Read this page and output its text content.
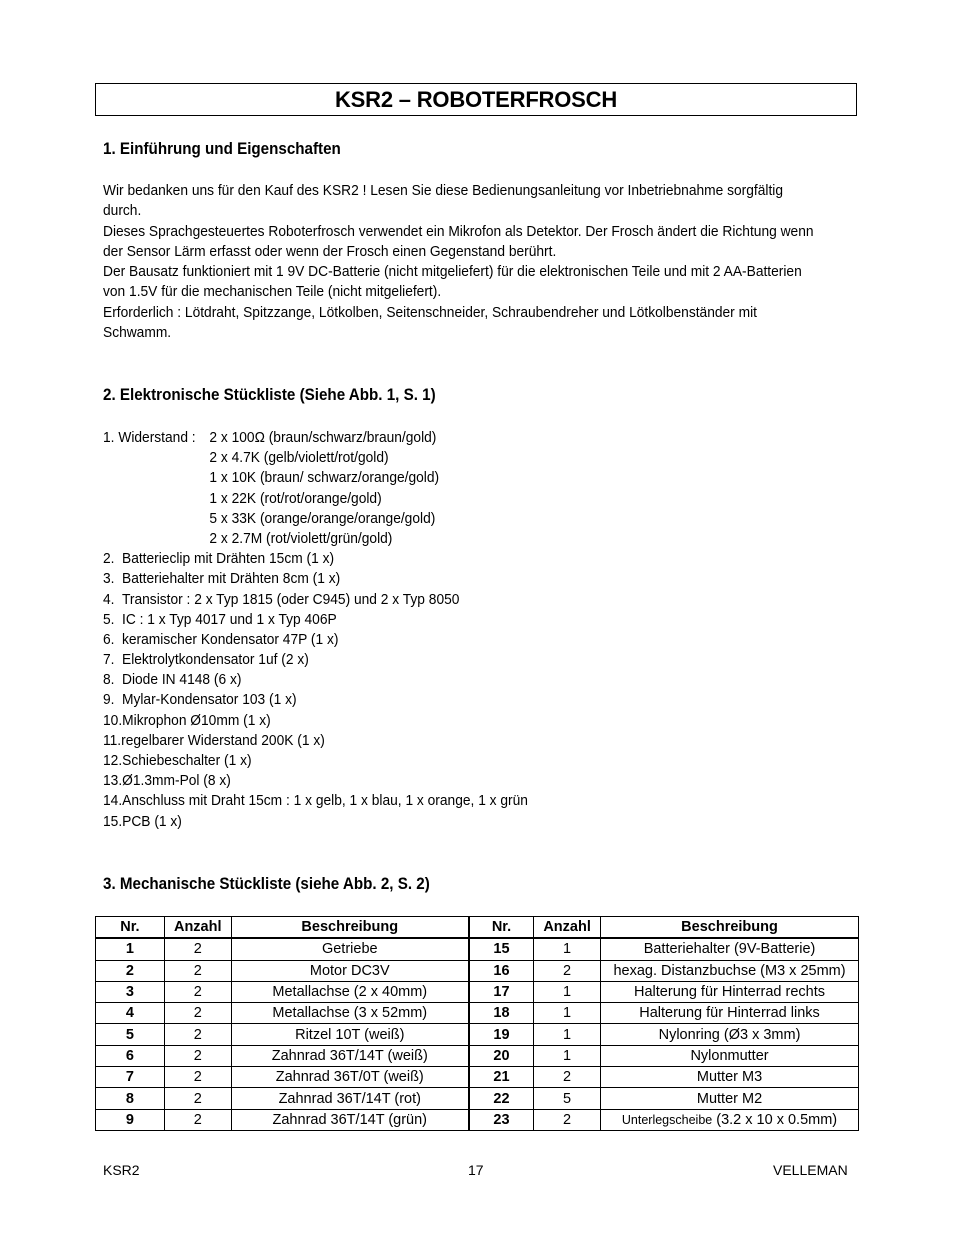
KSR2 – ROBOTERFROSCH
1. Einführung und Eigenschaften
Wir bedanken uns für den Kauf des KSR2 ! Lesen Sie diese Bedienungsanleitung vor Inbetriebnahme sorgfältig
durch.
Dieses Sprachgesteuertes Roboterfrosch verwendet ein Mikrofon als Detektor. Der Frosch ändert die Richtung wenn
der Sensor Lärm erfasst oder wenn der Frosch einen Gegenstand berührt.
Der Bausatz funktioniert mit 1 9V DC-Batterie (nicht mitgeliefert) für die elektronischen Teile und mit 2 AA-Batterien
von 1.5V für die mechanischen Teile (nicht mitgeliefert).
Erforderlich : Lötdraht, Spitzzange, Lötkolben, Seitenschneider, Schraubendreher und Lötkolbenständer mit
Schwamm.
2. Elektronische Stückliste (Siehe Abb. 1, S. 1)
1. Widerstand : 2 x 100Ω (braun/schwarz/braun/gold)
2 x 4.7K (gelb/violett/rot/gold)
1 x 10K (braun/ schwarz/orange/gold)
1 x 22K (rot/rot/orange/gold)
5 x 33K (orange/orange/orange/gold)
2 x 2.7M (rot/violett/grün/gold)
2. Batterieclip mit Drähten 15cm (1 x)
3. Batteriehalter mit Drähten 8cm (1 x)
4. Transistor : 2 x Typ 1815 (oder C945) und 2 x Typ 8050
5. IC : 1 x Typ 4017 und 1 x Typ 406P
6. keramischer Kondensator 47P (1 x)
7. Elektrolytkondensator 1uf (2 x)
8. Diode IN 4148 (6 x)
9. Mylar-Kondensator 103 (1 x)
10.Mikrophon Ø10mm (1 x)
11.regelbarer Widerstand 200K (1 x)
12.Schiebeschalter (1 x)
13.Ø1.3mm-Pol (8 x)
14.Anschluss mit Draht 15cm : 1 x gelb, 1 x blau, 1 x orange, 1 x grün
15.PCB (1 x)
3. Mechanische Stückliste (siehe Abb. 2, S. 2)
Nr.	Anzahl	Beschreibung	Nr.	Anzahl	Beschreibung
1	2	Getriebe	15	1	Batteriehalter (9V-Batterie)
2	2	Motor DC3V	16	2	hexag. Distanzbuchse (M3 x 25mm)
3	2	Metallachse (2 x 40mm)	17	1	Halterung für Hinterrad rechts
4	2	Metallachse (3 x 52mm)	18	1	Halterung für Hinterrad links
5	2	Ritzel 10T (weiß)	19	1	Nylonring (Ø3 x 3mm)
6	2	Zahnrad 36T/14T (weiß)	20	1	Nylonmutter
7	2	Zahnrad 36T/0T (weiß)	21	2	Mutter M3
8	2	Zahnrad 36T/14T (rot)	22	5	Mutter M2
9	2	Zahnrad 36T/14T (grün)	23	2	Unterlegscheibe (3.2 x 10 x 0.5mm)
KSR2	17	VELLEMAN
